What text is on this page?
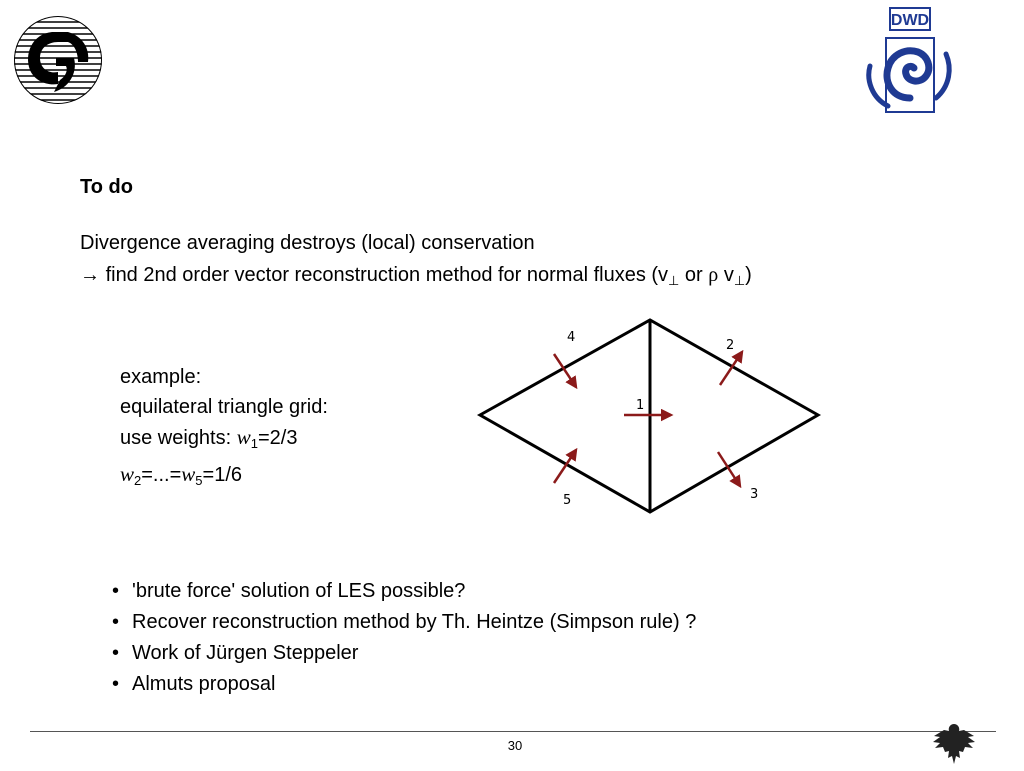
DWD
To do
Divergence averaging destroys (local) conservation
→ find 2nd order vector reconstruction method for normal fluxes ($v_\perp$ or ρ $v_\perp$)
example:
equilateral triangle grid:
use weights: $w_1=2/3$
$w_2=...=w_5=1/6$
1
2
3
4
5
• 'brute force' solution of LES possible?
• Recover reconstruction method by Th. Heintze (Simpson rule) ?
• Work of Jürgen Steppeler
• Almuts proposal
30
